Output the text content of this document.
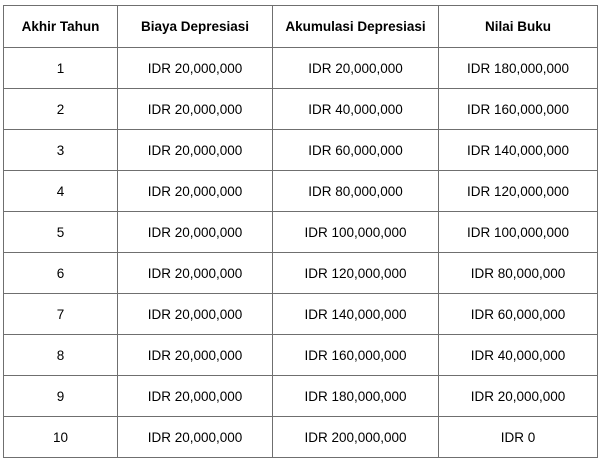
Akhir Tahun	Biaya Depresiasi	Akumulasi Depresiasi	Nilai Buku
1	IDR 20,000,000	IDR 20,000,000	IDR 180,000,000
2	IDR 20,000,000	IDR 40,000,000	IDR 160,000,000
3	IDR 20,000,000	IDR 60,000,000	IDR 140,000,000
4	IDR 20,000,000	IDR 80,000,000	IDR 120,000,000
5	IDR 20,000,000	IDR 100,000,000	IDR 100,000,000
6	IDR 20,000,000	IDR 120,000,000	IDR 80,000,000
7	IDR 20,000,000	IDR 140,000,000	IDR 60,000,000
8	IDR 20,000,000	IDR 160,000,000	IDR 40,000,000
9	IDR 20,000,000	IDR 180,000,000	IDR 20,000,000
10	IDR 20,000,000	IDR 200,000,000	IDR 0
